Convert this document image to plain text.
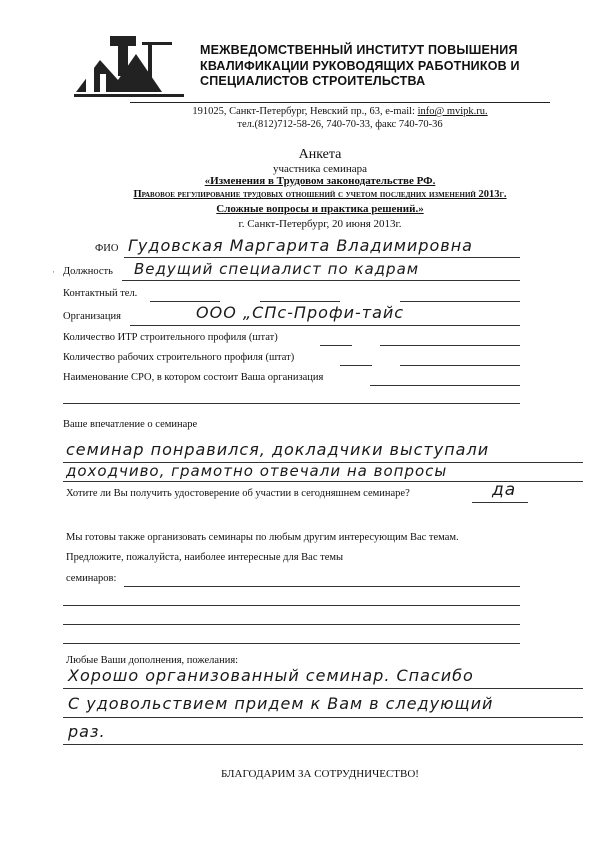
МЕЖВЕДОМСТВЕННЫЙ ИНСТИТУТ ПОВЫШЕНИЯ
КВАЛИФИКАЦИИ РУКОВОДЯЩИХ РАБОТНИКОВ И
СПЕЦИАЛИСТОВ СТРОИТЕЛЬСТВА
191025, Санкт-Петербург, Невский пр., 63, e-mail: info@ mvipk.ru.
тел.(812)712-58-26, 740-70-33, факс 740-70-36
Анкета
участника семинара
«Изменения в Трудовом законодательстве РФ.
Правовое регулирование трудовых отношений с учетом последних изменений 2013г.
Сложные вопросы и практика решений.»
г. Санкт-Петербург, 20 июня 2013г.
ФИО Гудовская Маргарита Владимировна
· Должность Ведущий специалист по кадрам
Контактный тел.
Организация	ООО „СПс-Профи-тайс
Количество ИТР строительного профиля (штат)
Количество рабочих строительного профиля (штат)
Наименование СРО, в котором состоит Ваша организация
Ваше впечатление о семинаре
семинар понравился, докладчики выступали
доходчиво, грамотно отвечали на вопросы
Хотите ли Вы получить удостоверение об участии в сегодняшнем семинаре?	да
Мы готовы также организовать семинары по любым другим интересующим Вас темам.
Предложите, пожалуйста, наиболее интересные для Вас темы
семинаров:
Любые Ваши дополнения, пожелания:
Хорошо организованный семинар. Спасибо
С удовольствием придем к Вам в следующий
раз.
БЛАГОДАРИМ ЗА СОТРУДНИЧЕСТВО!
